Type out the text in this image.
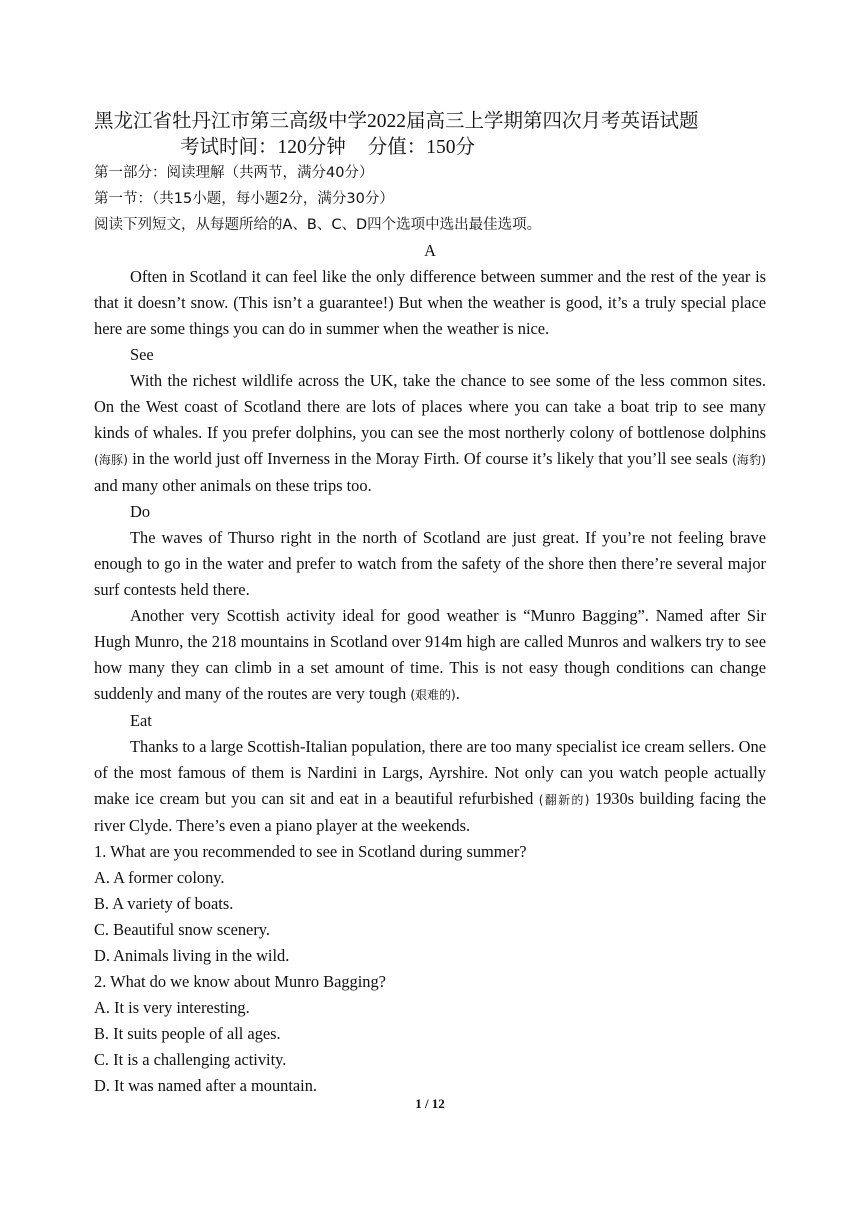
黑龙江省牡丹江市第三高级中学2022届高三上学期第四次月考英语试题
考试时间：120分钟 分值：150分
第一部分：阅读理解（共两节，满分40分）
第一节：（共15小题，每小题2分，满分30分）
阅读下列短文，从每题所给的A、B、C、D四个选项中选出最佳选项。
A
Often in Scotland it can feel like the only difference between summer and the rest of the year is that it doesn’t snow. (This isn’t a guarantee!) But when the weather is good, it’s a truly special place here are some things you can do in summer when the weather is nice.
See
With the richest wildlife across the UK, take the chance to see some of the less common sites. On the West coast of Scotland there are lots of places where you can take a boat trip to see many kinds of whales. If you prefer dolphins, you can see the most northerly colony of bottlenose dolphins (海豚) in the world just off Inverness in the Moray Firth. Of course it’s likely that you’ll see seals (海豹) and many other animals on these trips too.
Do
The waves of Thurso right in the north of Scotland are just great. If you’re not feeling brave enough to go in the water and prefer to watch from the safety of the shore then there’re several major surf contests held there.
Another very Scottish activity ideal for good weather is “Munro Bagging”. Named after Sir Hugh Munro, the 218 mountains in Scotland over 914m high are called Munros and walkers try to see how many they can climb in a set amount of time. This is not easy though conditions can change suddenly and many of the routes are very tough (艰难的).
Eat
Thanks to a large Scottish-Italian population, there are too many specialist ice cream sellers. One of the most famous of them is Nardini in Largs, Ayrshire. Not only can you watch people actually make ice cream but you can sit and eat in a beautiful refurbished (翻新的) 1930s building facing the river Clyde. There’s even a piano player at the weekends.
1. What are you recommended to see in Scotland during summer?
A. A former colony.
B. A variety of boats.
C. Beautiful snow scenery.
D. Animals living in the wild.
2. What do we know about Munro Bagging?
A. It is very interesting.
B. It suits people of all ages.
C. It is a challenging activity.
D. It was named after a mountain.
1 / 12
